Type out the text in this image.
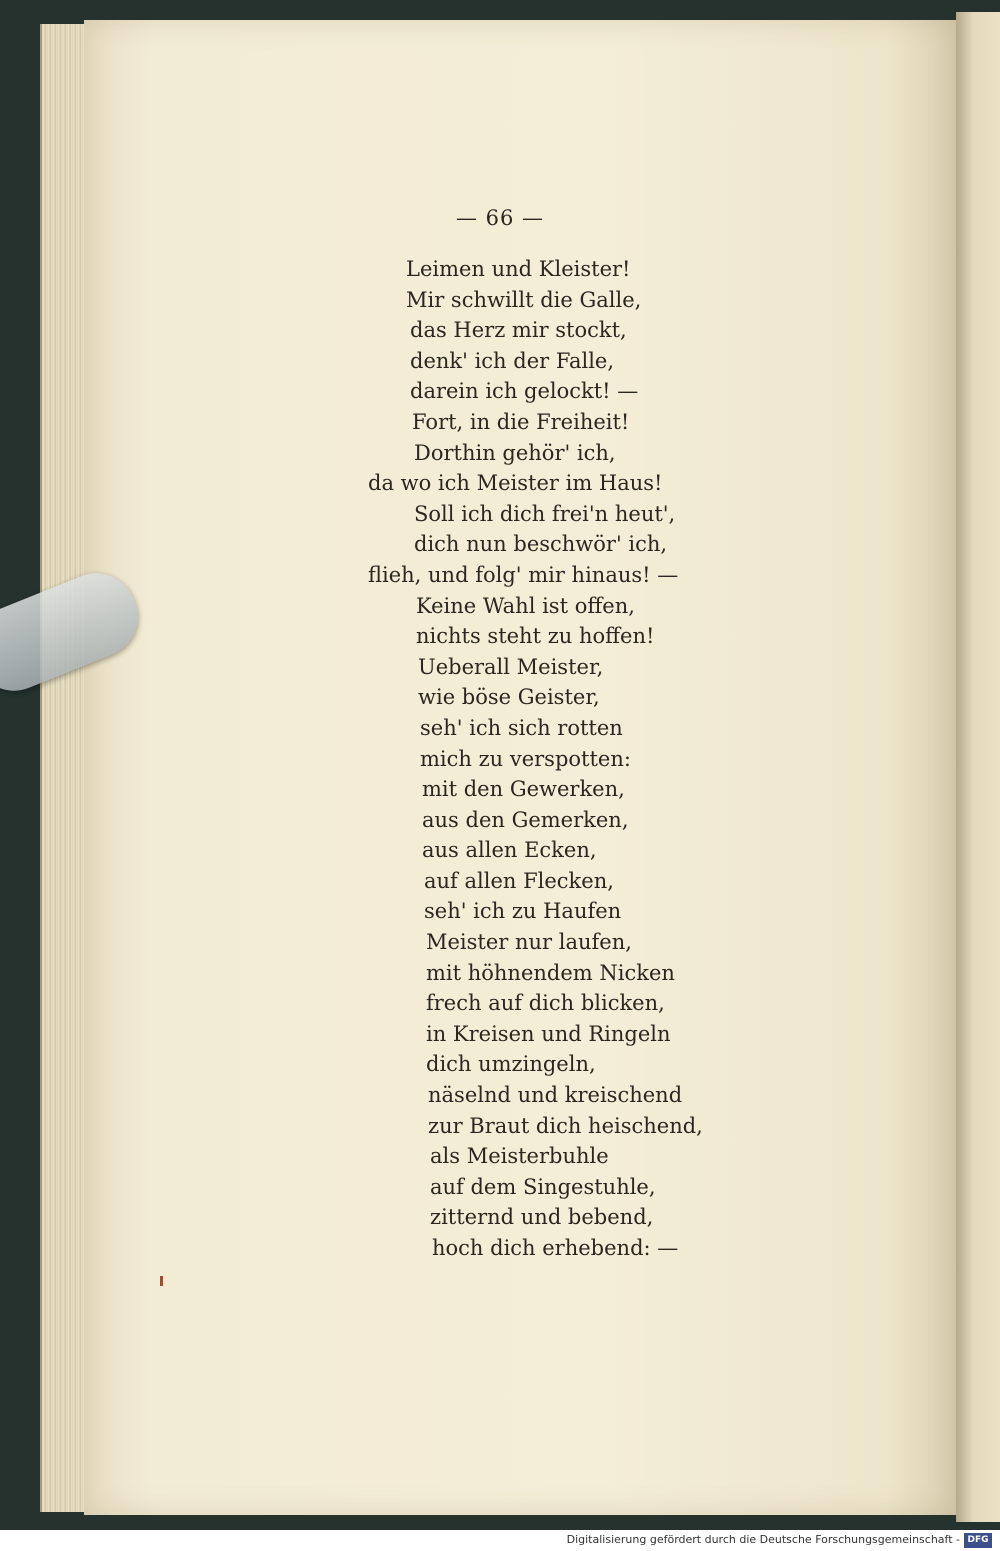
— 66 —
Leimen und Kleister!
Mir schwillt die Galle,
das Herz mir stockt,
denk' ich der Falle,
darein ich gelockt! —
Fort, in die Freiheit!
Dorthin gehör' ich,
da wo ich Meister im Haus!
Soll ich dich frei'n heut',
dich nun beschwör' ich,
flieh, und folg' mir hinaus! —
Keine Wahl ist offen,
nichts steht zu hoffen!
Ueberall Meister,
wie böse Geister,
seh' ich sich rotten
mich zu verspotten:
mit den Gewerken,
aus den Gemerken,
aus allen Ecken,
auf allen Flecken,
seh' ich zu Haufen
Meister nur laufen,
mit höhnendem Nicken
frech auf dich blicken,
in Kreisen und Ringeln
dich umzingeln,
näselnd und kreischend
zur Braut dich heischend,
als Meisterbuhle
auf dem Singestuhle,
zitternd und bebend,
hoch dich erhebend: —
Digitalisierung gefördert durch die Deutsche Forschungsgemeinschaft - DFG
